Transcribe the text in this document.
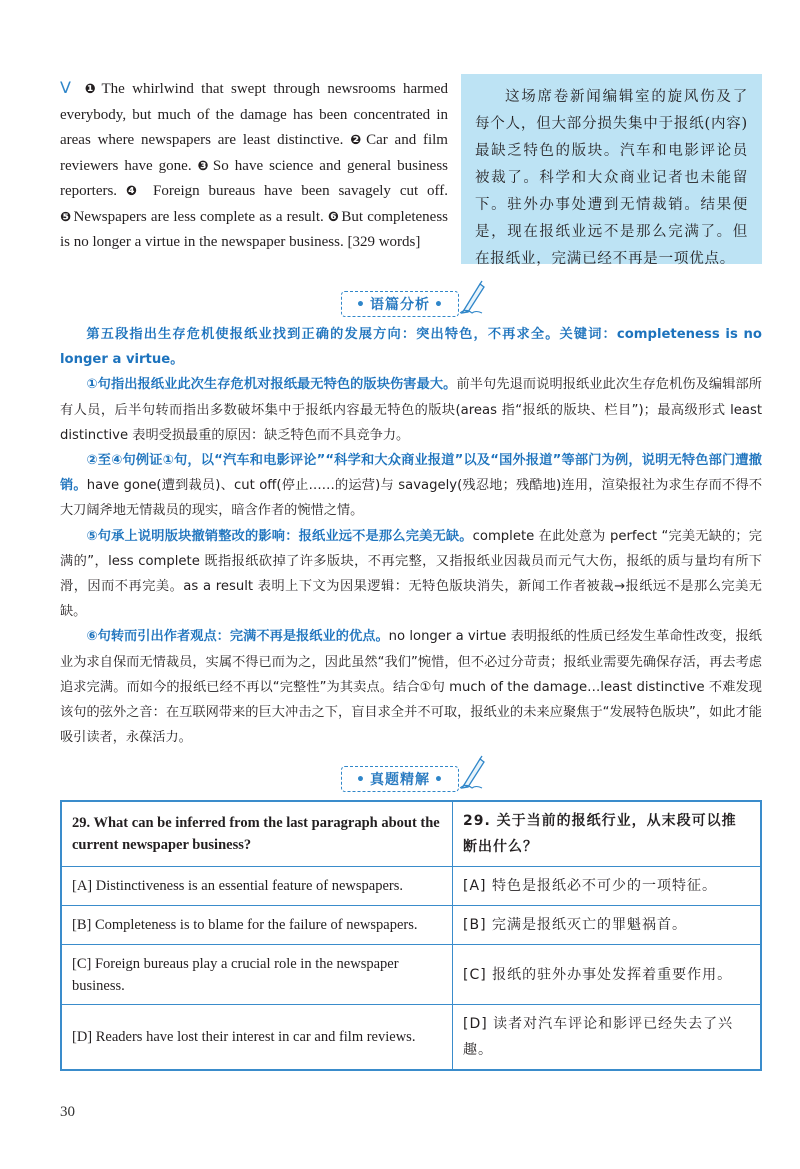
Ⅴ ❶ The whirlwind that swept through newsrooms harmed everybody, but much of the damage has been concentrated in areas where newspapers are least distinctive. ❷ Car and film reviewers have gone. ❸ So have science and general business reporters. ❹ Foreign bureaus have been savagely cut off. ❺ Newspapers are less complete as a result. ❻ But completeness is no longer a virtue in the newspaper business. [329 words]
这场席卷新闻编辑室的旋风伤及了每个人，但大部分损失集中于报纸(内容)最缺乏特色的版块。汽车和电影评论员被裁了。科学和大众商业记者也未能留下。驻外办事处遭到无情裁销。结果便是，现在报纸业远不是那么完满了。但在报纸业，完满已经不再是一项优点。
• 语篇分析 •

第五段指出生存危机使报纸业找到正确的发展方向：突出特色，不再求全。关键词：completeness is no longer a virtue。

①句指出报纸业此次生存危机对报纸最无特色的版块伤害最大。前半句先退而说明报纸业此次生存危机伤及编辑部所有人员，后半句转而指出多数破坏集中于报纸内容最无特色的版块(areas 指“报纸的版块、栏目”)；最高级形式 least distinctive 表明受损最重的原因：缺乏特色而不具竞争力。

②至④句例证①句，以“汽车和电影评论”“科学和大众商业报道”以及“国外报道”等部门为例，说明无特色部门遭撤销。have gone(遭到裁员)、cut off(停止……的运营)与 savagely(残忍地；残酷地)连用，渲染报社为求生存而不得不大刀阔斧地无情裁员的现实，暗含作者的惋惜之情。

⑤句承上说明版块撤销整改的影响：报纸业远不是那么完美无缺。complete 在此处意为 perfect “完美无缺的；完满的”，less complete 既指报纸砍掉了许多版块，不再完整，又指报纸业因裁员而元气大伤，报纸的质与量均有所下滑，因而不再完美。as a result 表明上下文为因果逻辑：无特色版块消失，新闻工作者被裁→报纸远不是那么完美无缺。

⑥句转而引出作者观点：完满不再是报纸业的优点。no longer a virtue 表明报纸的性质已经发生革命性改变，报纸业为求自保而无情裁员，实属不得已而为之，因此虽然“我们”惋惜，但不必过分苛责；报纸业需要先确保存活，再去考虑追求完满。而如今的报纸已经不再以“完整性”为其卖点。结合①句 much of the damage…least distinctive 不难发现该句的弦外之音：在互联网带来的巨大冲击之下，盲目求全并不可取，报纸业的未来应聚焦于“发展特色版块”，如此才能吸引读者，永葆活力。

• 真题精解 •
29. What can be inferred from the last paragraph about the current newspaper business?	29. 关于当前的报纸行业，从末段可以推断出什么？
[A] Distinctiveness is an essential feature of newspapers.	[A] 特色是报纸必不可少的一项特征。
[B] Completeness is to blame for the failure of newspapers.	[B] 完满是报纸灭亡的罪魁祸首。
[C] Foreign bureaus play a crucial role in the newspaper business.	[C] 报纸的驻外办事处发挥着重要作用。
[D] Readers have lost their interest in car and film reviews.	[D] 读者对汽车评论和影评已经失去了兴趣。
30
